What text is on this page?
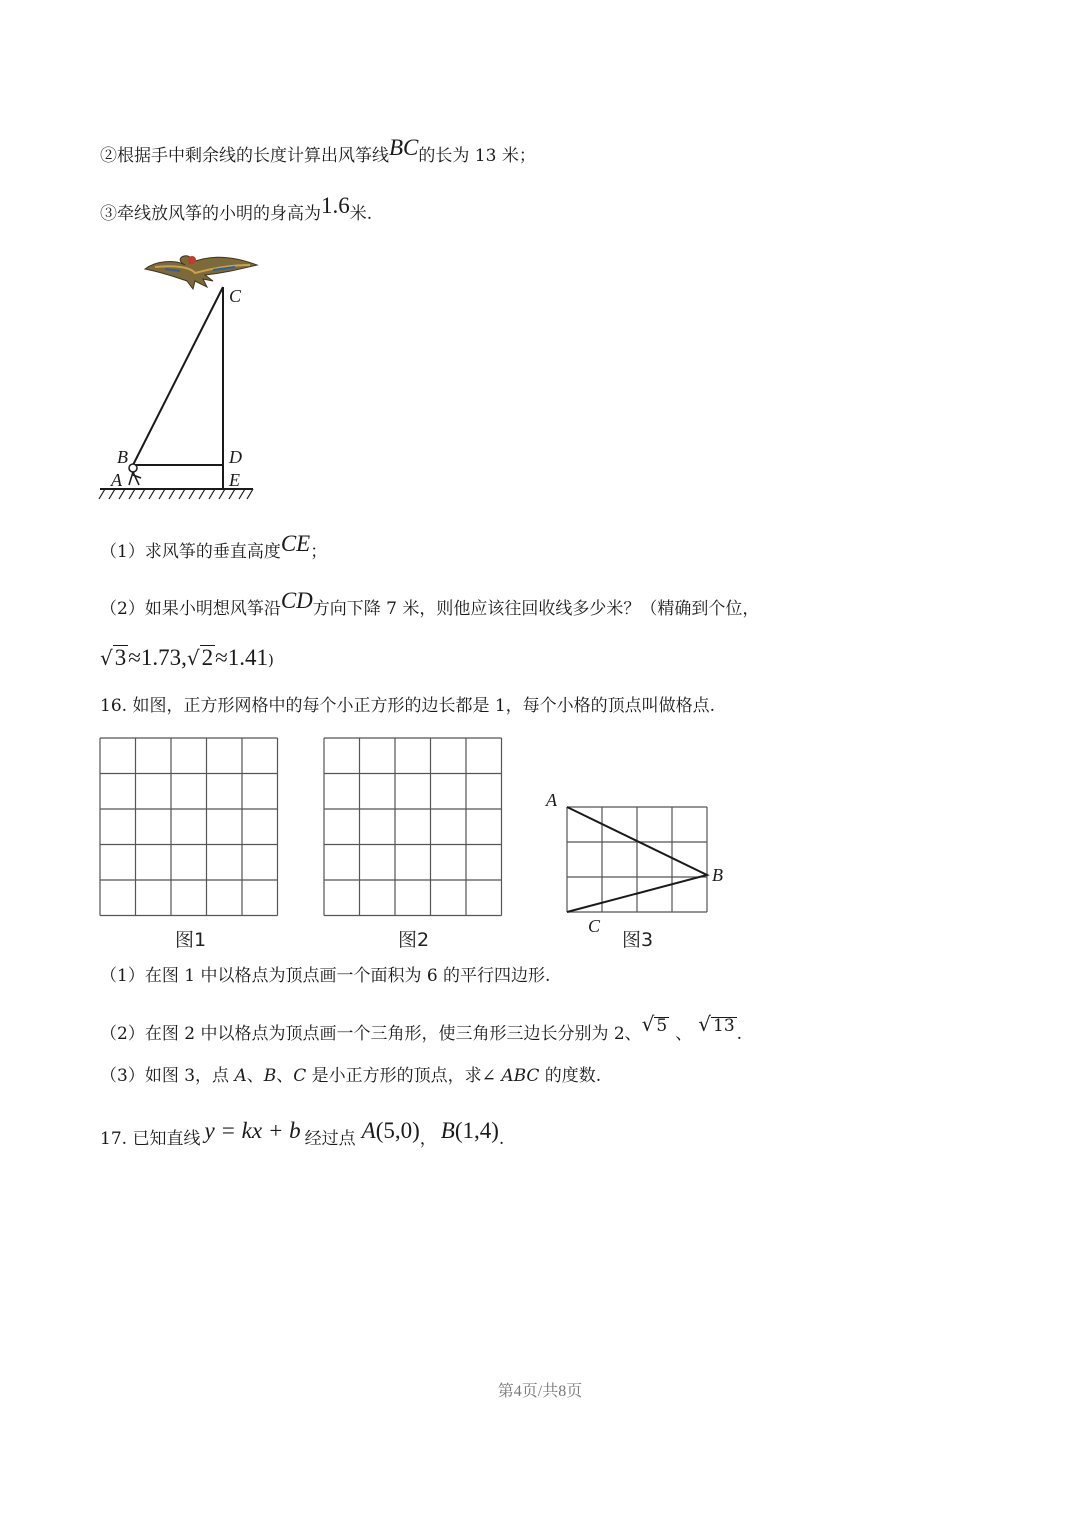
②根据手中剩余线的长度计算出风筝线BC的长为 13 米；
③牵线放风筝的小明的身高为1.6米.
C
B	D
A	E
（1）求风筝的垂直高度CE；
（2）如果小明想风筝沿CD方向下降 7 米，则他应该往回收线多少米？（精确到个位，
√3≈1.73,√2≈1.41)
16. 如图，正方形网格中的每个小正方形的边长都是 1，每个小格的顶点叫做格点.
A
B
C
图1	图2	图3
（1）在图 1 中以格点为顶点画一个面积为 6 的平行四边形.
（2）在图 2 中以格点为顶点画一个三角形，使三角形三边长分别为 2、√ 5 、 √ 13 .
（3）如图 3，点 A、B、C 是小正方形的顶点，求∠ ABC 的度数.
17. 已知直线 y = kx + b 经过点 A(5,0)， B(1,4).
第4页/共8页
